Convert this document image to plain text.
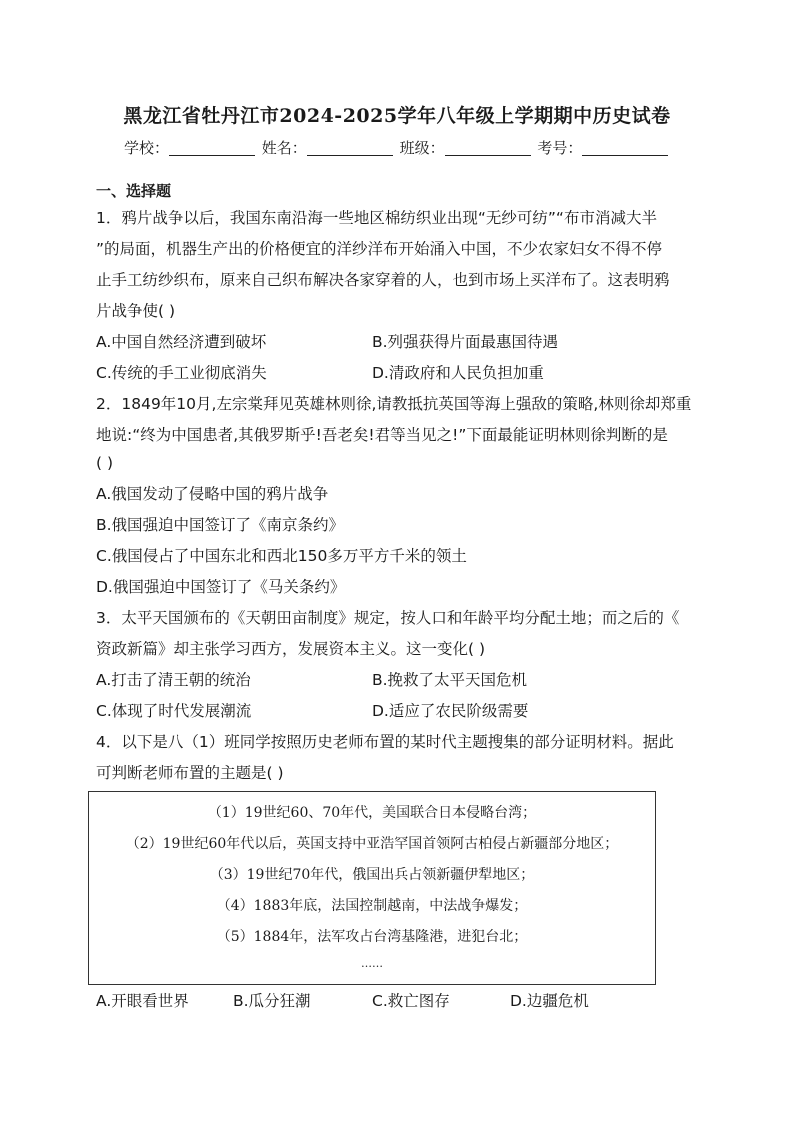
黑龙江省牡丹江市2024-2025学年八年级上学期期中历史试卷
学校：	姓名：	班级：	考号：
一、选择题
1．鸦片战争以后，我国东南沿海一些地区棉纺织业出现“无纱可纺”“布市消减大半
”的局面，机器生产出的价格便宜的洋纱洋布开始涌入中国，不少农家妇女不得不停
止手工纺纱织布，原来自己织布解决各家穿着的人，也到市场上买洋布了。这表明鸦
片战争使( )
A.中国自然经济遭到破坏	B.列强获得片面最惠国待遇
C.传统的手工业彻底消失	D.清政府和人民负担加重
2．1849年10月,左宗棠拜见英雄林则徐,请教抵抗英国等海上强敌的策略,林则徐却郑重
地说:“终为中国患者,其俄罗斯乎!吾老矣!君等当见之!”下面最能证明林则徐判断的是
( )
A.俄国发动了侵略中国的鸦片战争
B.俄国强迫中国签订了《南京条约》
C.俄国侵占了中国东北和西北150多万平方千米的领土
D.俄国强迫中国签订了《马关条约》
3．太平天国颁布的《天朝田亩制度》规定，按人口和年龄平均分配土地；而之后的《
资政新篇》却主张学习西方，发展资本主义。这一变化( )
A.打击了清王朝的统治	B.挽救了太平天国危机
C.体现了时代发展潮流	D.适应了农民阶级需要
4．以下是八（1）班同学按照历史老师布置的某时代主题搜集的部分证明材料。据此
可判断老师布置的主题是( )
（1）19世纪60、70年代，美国联合日本侵略台湾；
（2）19世纪60年代以后，英国支持中亚浩罕国首领阿古柏侵占新疆部分地区；
（3）19世纪70年代，俄国出兵占领新疆伊犁地区；
（4）1883年底，法国控制越南，中法战争爆发；
（5）1884年，法军攻占台湾基隆港，进犯台北；
……
A.开眼看世界	B.瓜分狂潮	C.救亡图存	D.边疆危机
